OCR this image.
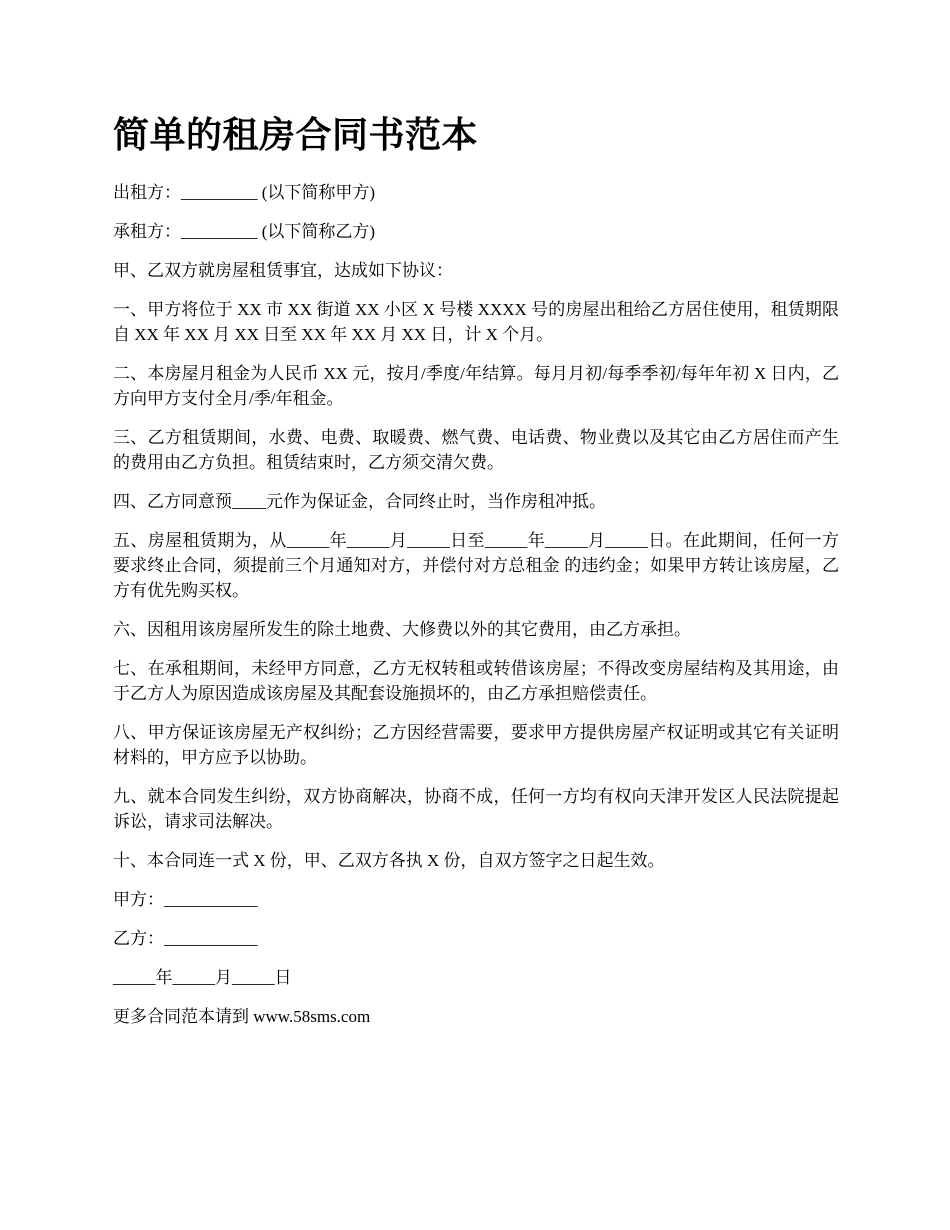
简单的租房合同书范本

出租方：_________ (以下简称甲方)

承租方：_________ (以下简称乙方)

甲、乙双方就房屋租赁事宜，达成如下协议：

一、甲方将位于 XX 市 XX 街道 XX 小区 X 号楼 XXXX 号的房屋出租给乙方居住使用，租赁期限自 XX 年 XX 月 XX 日至 XX 年 XX 月 XX 日，计 X 个月。

二、本房屋月租金为人民币 XX 元，按月/季度/年结算。每月月初/每季季初/每年年初 X 日内，乙方向甲方支付全月/季/年租金。

三、乙方租赁期间，水费、电费、取暖费、燃气费、电话费、物业费以及其它由乙方居住而产生的费用由乙方负担。租赁结束时，乙方须交清欠费。

四、乙方同意预____元作为保证金，合同终止时，当作房租冲抵。

五、房屋租赁期为，从_____年_____月_____日至_____年_____月_____日。在此期间，任何一方要求终止合同，须提前三个月通知对方，并偿付对方总租金 的违约金；如果甲方转让该房屋，乙方有优先购买权。

六、因租用该房屋所发生的除土地费、大修费以外的其它费用，由乙方承担。

七、在承租期间，未经甲方同意，乙方无权转租或转借该房屋；不得改变房屋结构及其用途，由于乙方人为原因造成该房屋及其配套设施损坏的，由乙方承担赔偿责任。

八、甲方保证该房屋无产权纠纷；乙方因经营需要，要求甲方提供房屋产权证明或其它有关证明材料的，甲方应予以协助。

九、就本合同发生纠纷，双方协商解决，协商不成，任何一方均有权向天津开发区人民法院提起诉讼，请求司法解决。

十、本合同连一式 X 份，甲、乙双方各执 X 份，自双方签字之日起生效。

甲方：___________

乙方：___________

_____年_____月_____日

更多合同范本请到 www.58sms.com
